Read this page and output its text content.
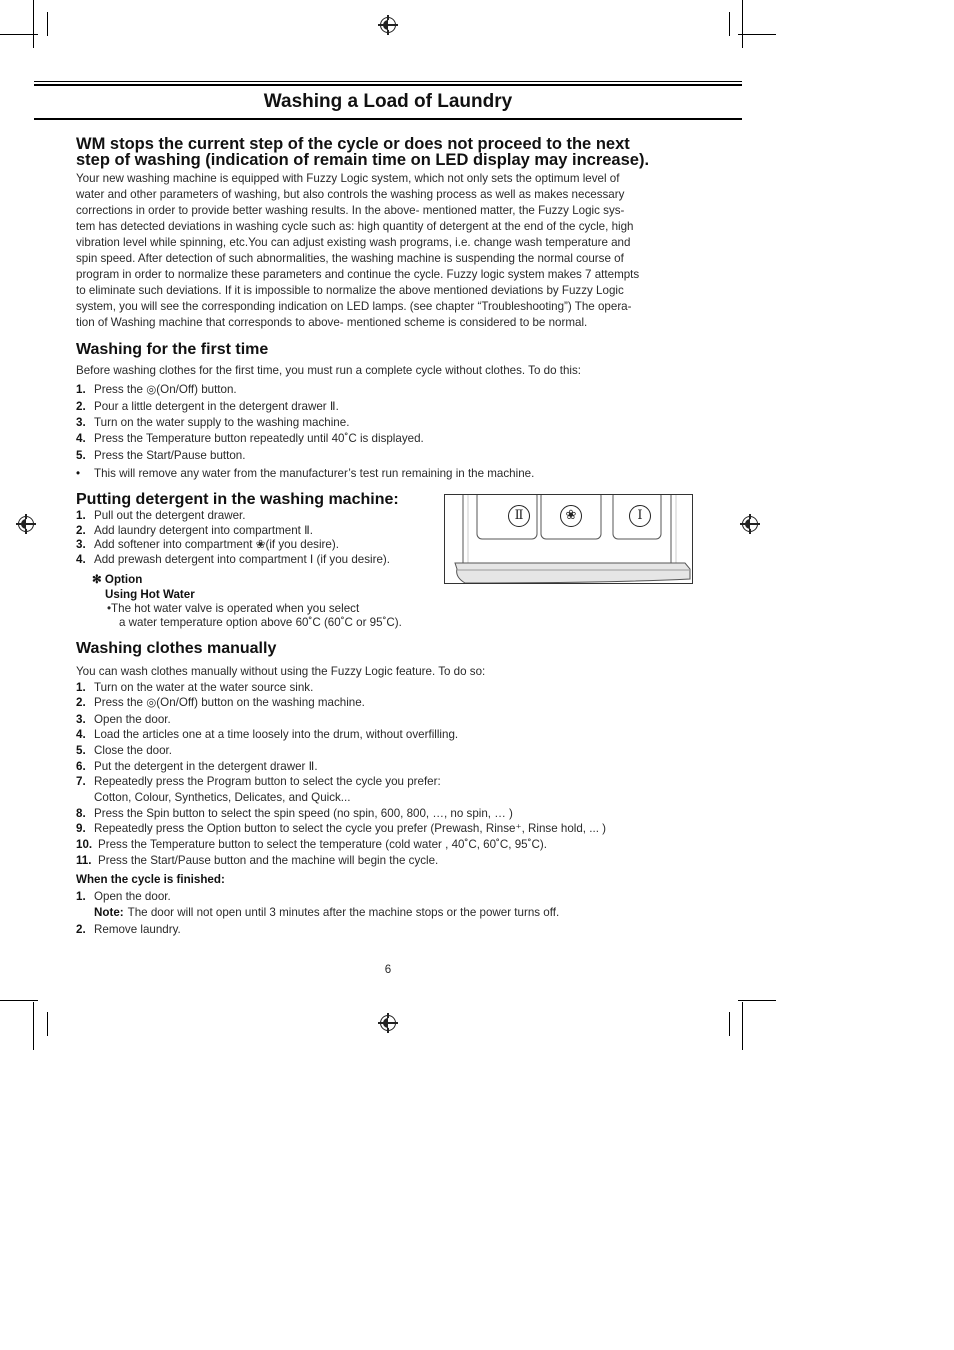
Washing a Load of Laundry
WM stops the current step of the cycle or does not proceed to the next
step of washing (indication of remain time on LED display may increase).
Your new washing machine is equipped with Fuzzy Logic system, which not only sets the optimum level of
water and other parameters of washing, but also controls the washing process as well as makes necessary
corrections in order to provide better washing results. In the above- mentioned matter, the Fuzzy Logic sys-
tem has detected deviations in washing cycle such as: high quantity of detergent at the end of the cycle, high
vibration level while spinning, etc.You can adjust existing wash programs, i.e. change wash temperature and
spin speed. After detection of such abnormalities, the washing machine is suspending the normal course of
program in order to normalize these parameters and continue the cycle. Fuzzy logic system makes 7 attempts
to eliminate such deviations. If it is impossible to normalize the above mentioned deviations by Fuzzy Logic
system, you will see the corresponding indication on LED lamps. (see chapter “Troubleshooting”) The opera-
tion of Washing machine that corresponds to above- mentioned scheme is considered to be normal.
Washing for the first time
Before washing clothes for the first time, you must run a complete cycle without clothes. To do this:
1. Press the ◎(On/Off) button.
2. Pour a little detergent in the detergent drawer Ⅱ.
3. Turn on the water supply to the washing machine.
4. Press the Temperature button repeatedly until 40˚C is displayed.
5. Press the Start/Pause button.
• This will remove any water from the manufacturer’s test run remaining in the machine.
Putting detergent in the washing machine:
1. Pull out the detergent drawer.
2. Add laundry detergent into compartment Ⅱ.
3. Add softener into compartment ❀(if you desire).
4. Add prewash detergent into compartment Ⅰ (if you desire).
✻ Option
Using Hot Water
•The hot water valve is operated when you select
a water temperature option above 60˚C (60˚C or 95˚C).
Ⅱ	❀	Ⅰ
Washing clothes manually
You can wash clothes manually without using the Fuzzy Logic feature. To do so:
1. Turn on the water at the water source sink.
2. Press the ◎(On/Off) button on the washing machine.
3. Open the door.
4. Load the articles one at a time loosely into the drum, without overfilling.
5. Close the door.
6. Put the detergent in the detergent drawer Ⅱ.
7. Repeatedly press the Program button to select the cycle you prefer:
Cotton, Colour, Synthetics, Delicates, and Quick...
8. Press the Spin button to select the spin speed (no spin, 600, 800, …, no spin, … )
9. Repeatedly press the Option button to select the cycle you prefer (Prewash, Rinse⁺, Rinse hold, ... )
10. Press the Temperature button to select the temperature (cold water , 40˚C, 60˚C, 95˚C).
11. Press the Start/Pause button and the machine will begin the cycle.
When the cycle is finished:
1. Open the door.
Note: The door will not open until 3 minutes after the machine stops or the power turns off.
2. Remove laundry.
6
